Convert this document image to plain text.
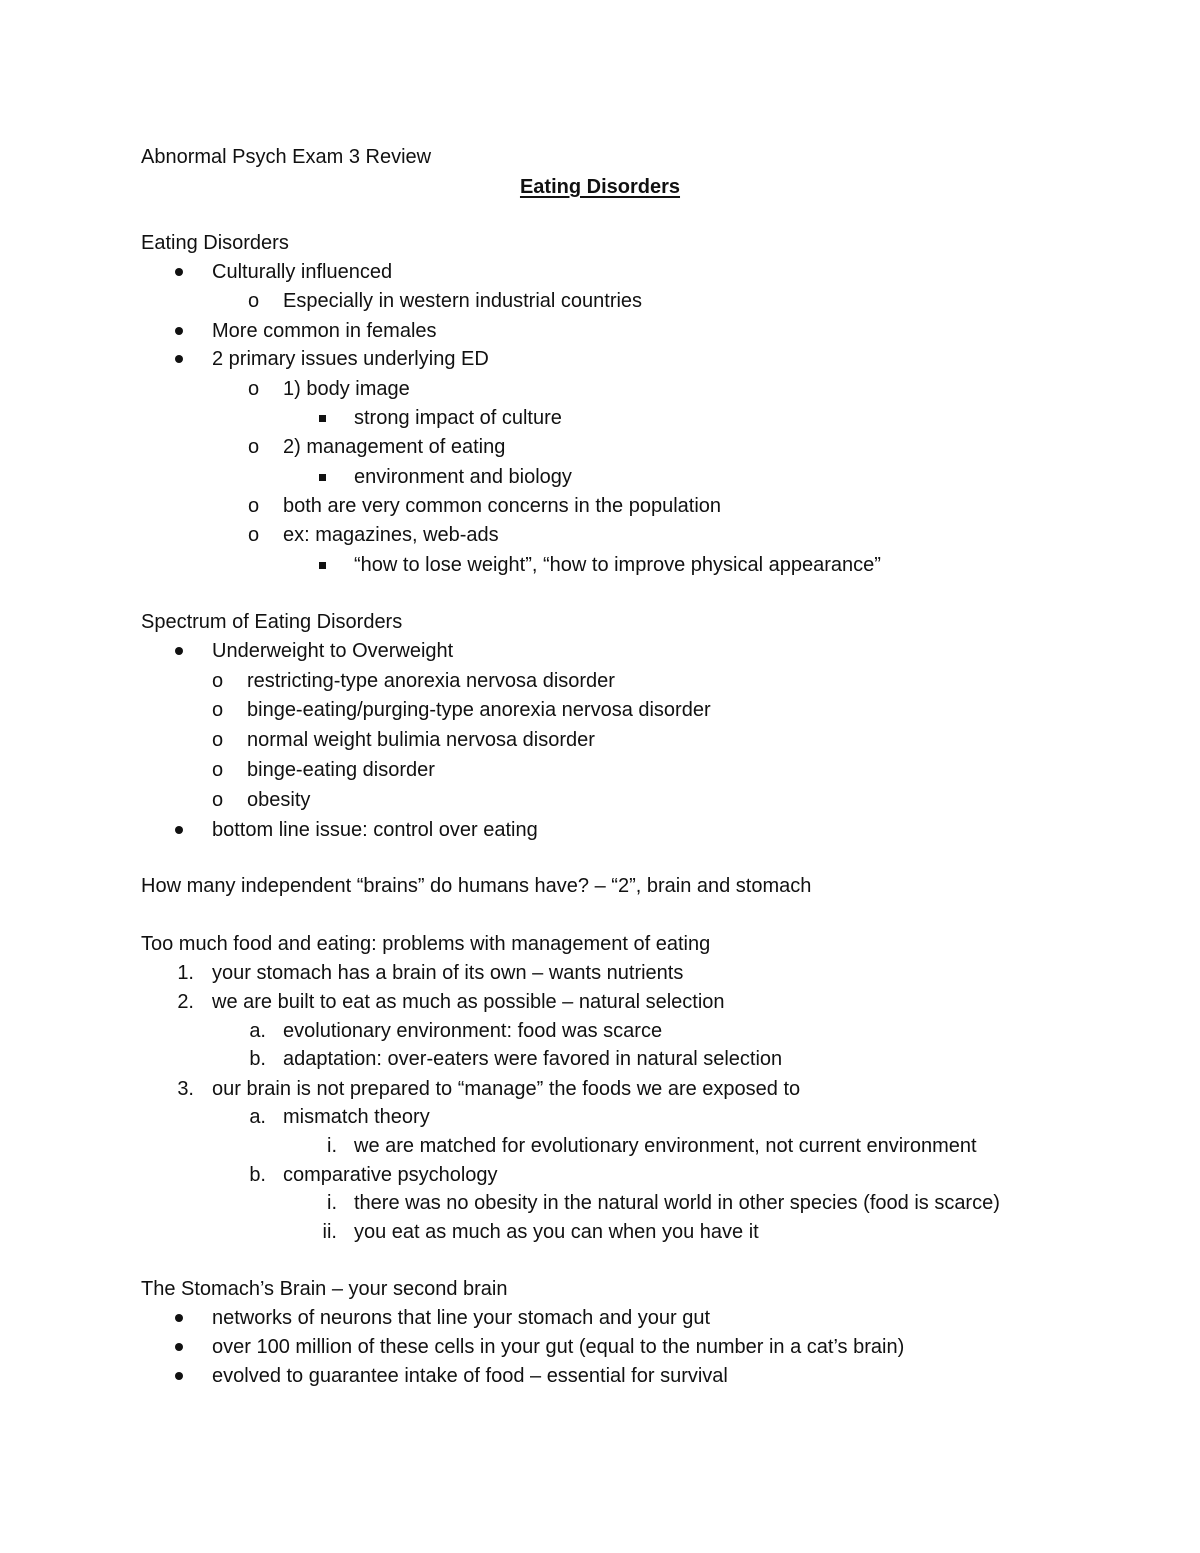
Abnormal Psych Exam 3 Review
Eating Disorders
Eating Disorders
Culturally influenced
o Especially in western industrial countries
More common in females
2 primary issues underlying ED
o 1) body image
strong impact of culture
o 2) management of eating
environment and biology
o both are very common concerns in the population
o ex: magazines, web-ads
“how to lose weight”, “how to improve physical appearance”
Spectrum of Eating Disorders
Underweight to Overweight
o restricting-type anorexia nervosa disorder
o binge-eating/purging-type anorexia nervosa disorder
o normal weight bulimia nervosa disorder
o binge-eating disorder
o obesity
bottom line issue: control over eating
How many independent “brains” do humans have? – “2”, brain and stomach
Too much food and eating: problems with management of eating
1. your stomach has a brain of its own – wants nutrients
2. we are built to eat as much as possible – natural selection
a. evolutionary environment: food was scarce
b. adaptation: over-eaters were favored in natural selection
3. our brain is not prepared to “manage” the foods we are exposed to
a. mismatch theory
i. we are matched for evolutionary environment, not current environment
b. comparative psychology
i. there was no obesity in the natural world in other species (food is scarce)
ii. you eat as much as you can when you have it
The Stomach’s Brain – your second brain
networks of neurons that line your stomach and your gut
over 100 million of these cells in your gut (equal to the number in a cat’s brain)
evolved to guarantee intake of food – essential for survival
